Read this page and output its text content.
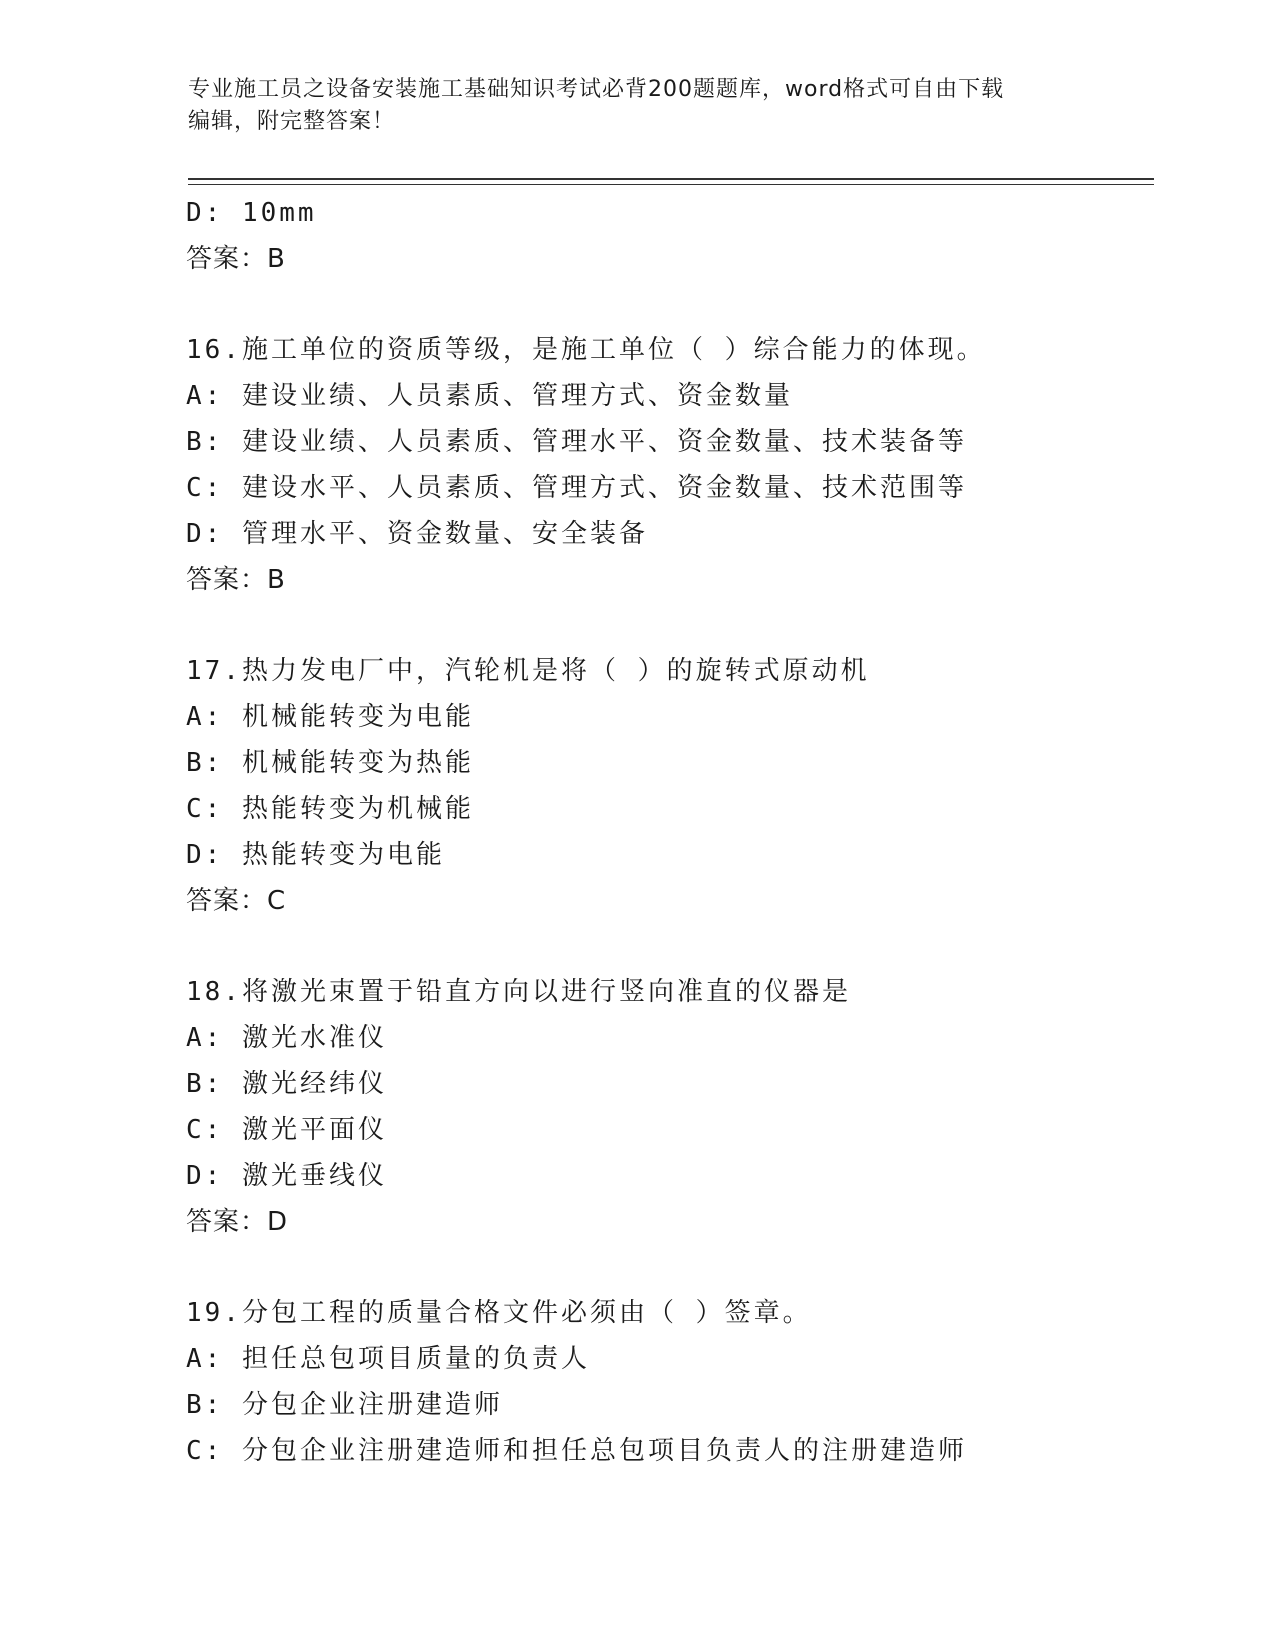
专业施工员之设备安装施工基础知识考试必背200题题库，word格式可自由下载
编辑，附完整答案！
D: 10mm
答案：B
16.施工单位的资质等级，是施工单位（ ）综合能力的体现。
A: 建设业绩、人员素质、管理方式、资金数量
B: 建设业绩、人员素质、管理水平、资金数量、技术装备等
C: 建设水平、人员素质、管理方式、资金数量、技术范围等
D: 管理水平、资金数量、安全装备
答案：B
17.热力发电厂中，汽轮机是将（ ）的旋转式原动机
A: 机械能转变为电能
B: 机械能转变为热能
C: 热能转变为机械能
D: 热能转变为电能
答案：C
18.将激光束置于铅直方向以进行竖向准直的仪器是
A: 激光水准仪
B: 激光经纬仪
C: 激光平面仪
D: 激光垂线仪
答案：D
19.分包工程的质量合格文件必须由（ ）签章。
A: 担任总包项目质量的负责人
B: 分包企业注册建造师
C: 分包企业注册建造师和担任总包项目负责人的注册建造师
